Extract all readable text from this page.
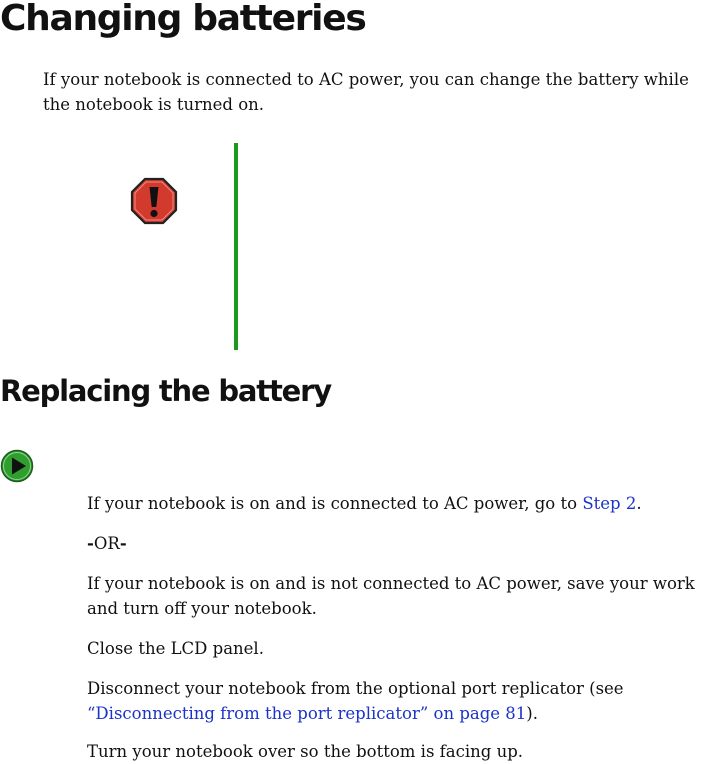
Changing batteries

If your notebook is connected to AC power, you can change the battery while the notebook is turned on.

Replacing the battery

If your notebook is on and is connected to AC power, go to Step 2.

-OR-

If your notebook is on and is not connected to AC power, save your work and turn off your notebook.

Close the LCD panel.

Disconnect your notebook from the optional port replicator (see “Disconnecting from the port replicator” on page 81).

Turn your notebook over so the bottom is facing up.
